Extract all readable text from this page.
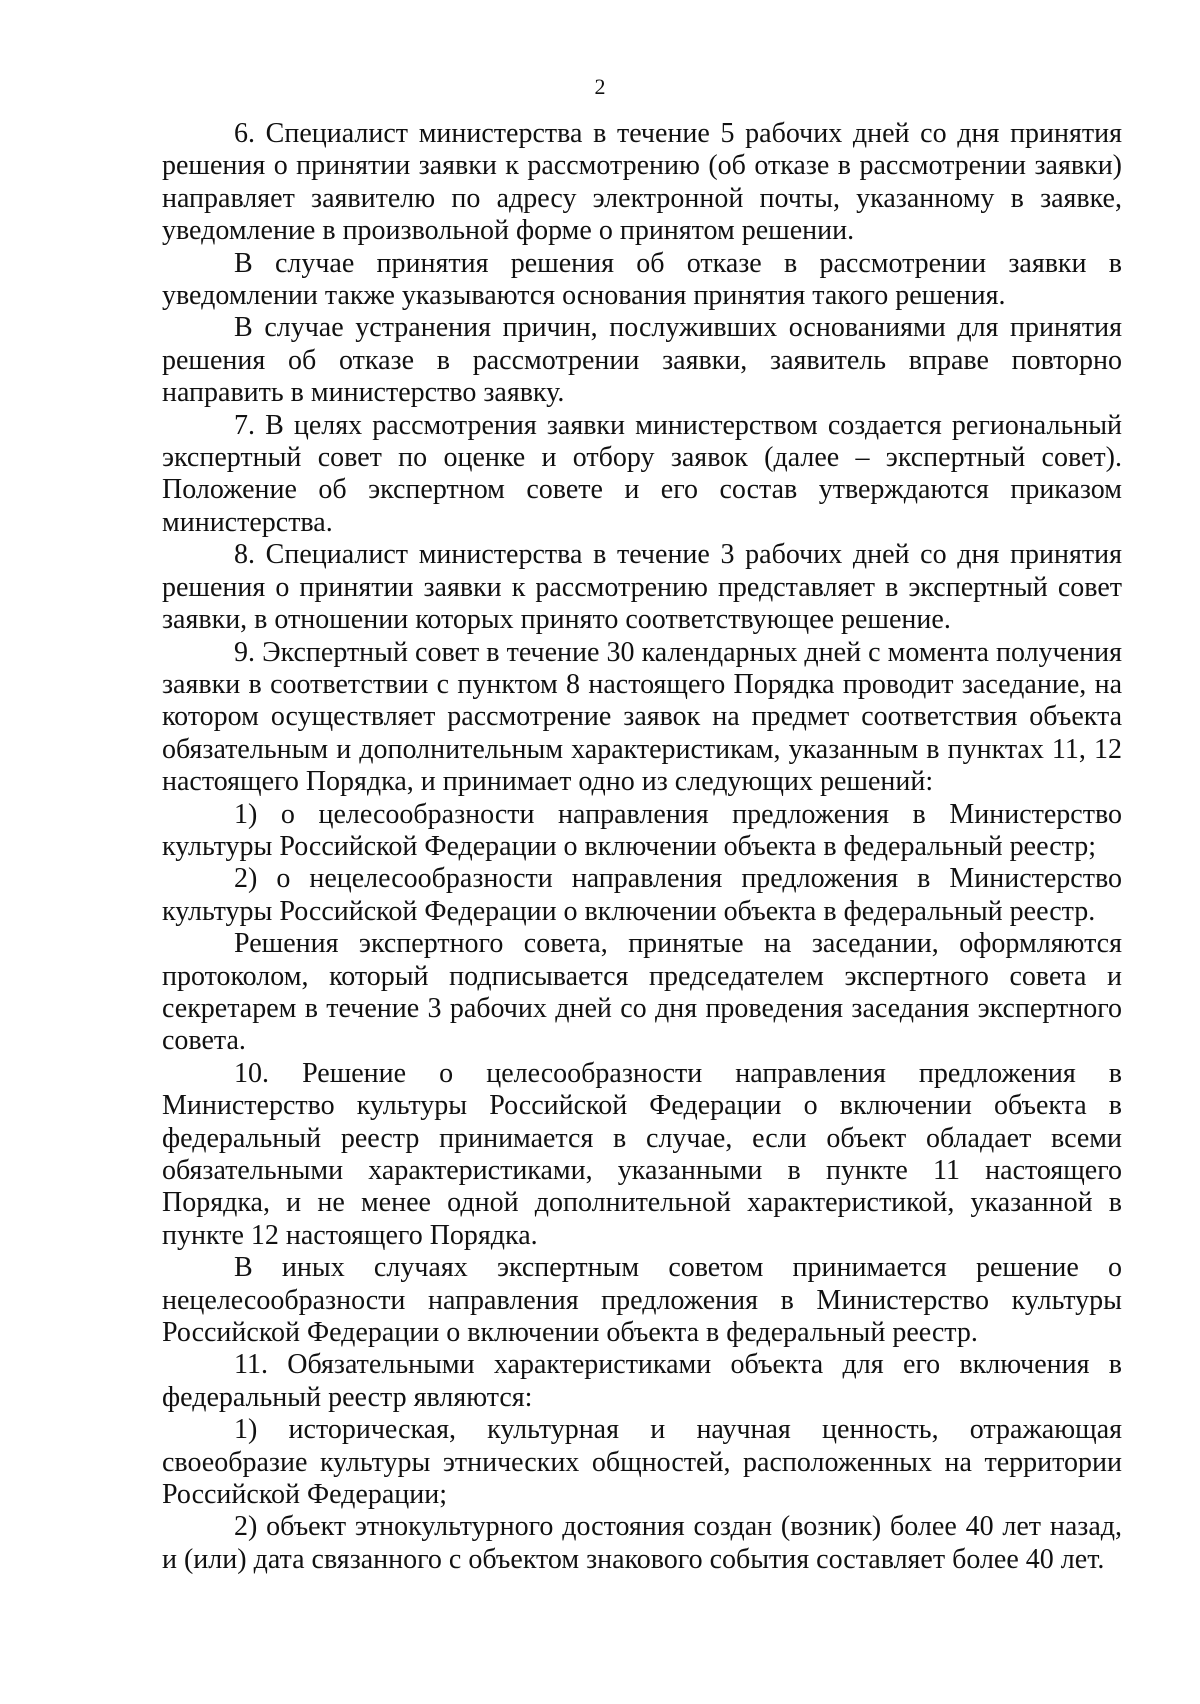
2

6. Специалист министерства в течение 5 рабочих дней со дня принятия решения о принятии заявки к рассмотрению (об отказе в рассмотрении заявки) направляет заявителю по адресу электронной почты, указанному в заявке, уведомление в произвольной форме о принятом решении.

В случае принятия решения об отказе в рассмотрении заявки в уведомлении также указываются основания принятия такого решения.

В случае устранения причин, послуживших основаниями для принятия решения об отказе в рассмотрении заявки, заявитель вправе повторно направить в министерство заявку.

7. В целях рассмотрения заявки министерством создается региональный экспертный совет по оценке и отбору заявок (далее – экспертный совет). Положение об экспертном совете и его состав утверждаются приказом министерства.

8. Специалист министерства в течение 3 рабочих дней со дня принятия решения о принятии заявки к рассмотрению представляет в экспертный совет заявки, в отношении которых принято соответствующее решение.

9. Экспертный совет в течение 30 календарных дней с момента получения заявки в соответствии с пунктом 8 настоящего Порядка проводит заседание, на котором осуществляет рассмотрение заявок на предмет соответствия объекта обязательным и дополнительным характеристикам, указанным в пунктах 11, 12 настоящего Порядка, и принимает одно из следующих решений:

1) о целесообразности направления предложения в Министерство культуры Российской Федерации о включении объекта в федеральный реестр;

2) о нецелесообразности направления предложения в Министерство культуры Российской Федерации о включении объекта в федеральный реестр.

Решения экспертного совета, принятые на заседании, оформляются протоколом, который подписывается председателем экспертного совета и секретарем в течение 3 рабочих дней со дня проведения заседания экспертного совета.

10. Решение о целесообразности направления предложения в Министерство культуры Российской Федерации о включении объекта в федеральный реестр принимается в случае, если объект обладает всеми обязательными характеристиками, указанными в пункте 11 настоящего Порядка, и не менее одной дополнительной характеристикой, указанной в пункте 12 настоящего Порядка.

В иных случаях экспертным советом принимается решение о нецелесообразности направления предложения в Министерство культуры Российской Федерации о включении объекта в федеральный реестр.

11. Обязательными характеристиками объекта для его включения в федеральный реестр являются:

1) историческая, культурная и научная ценность, отражающая своеобразие культуры этнических общностей, расположенных на территории Российской Федерации;

2) объект этнокультурного достояния создан (возник) более 40 лет назад, и (или) дата связанного с объектом знакового события составляет более 40 лет.
